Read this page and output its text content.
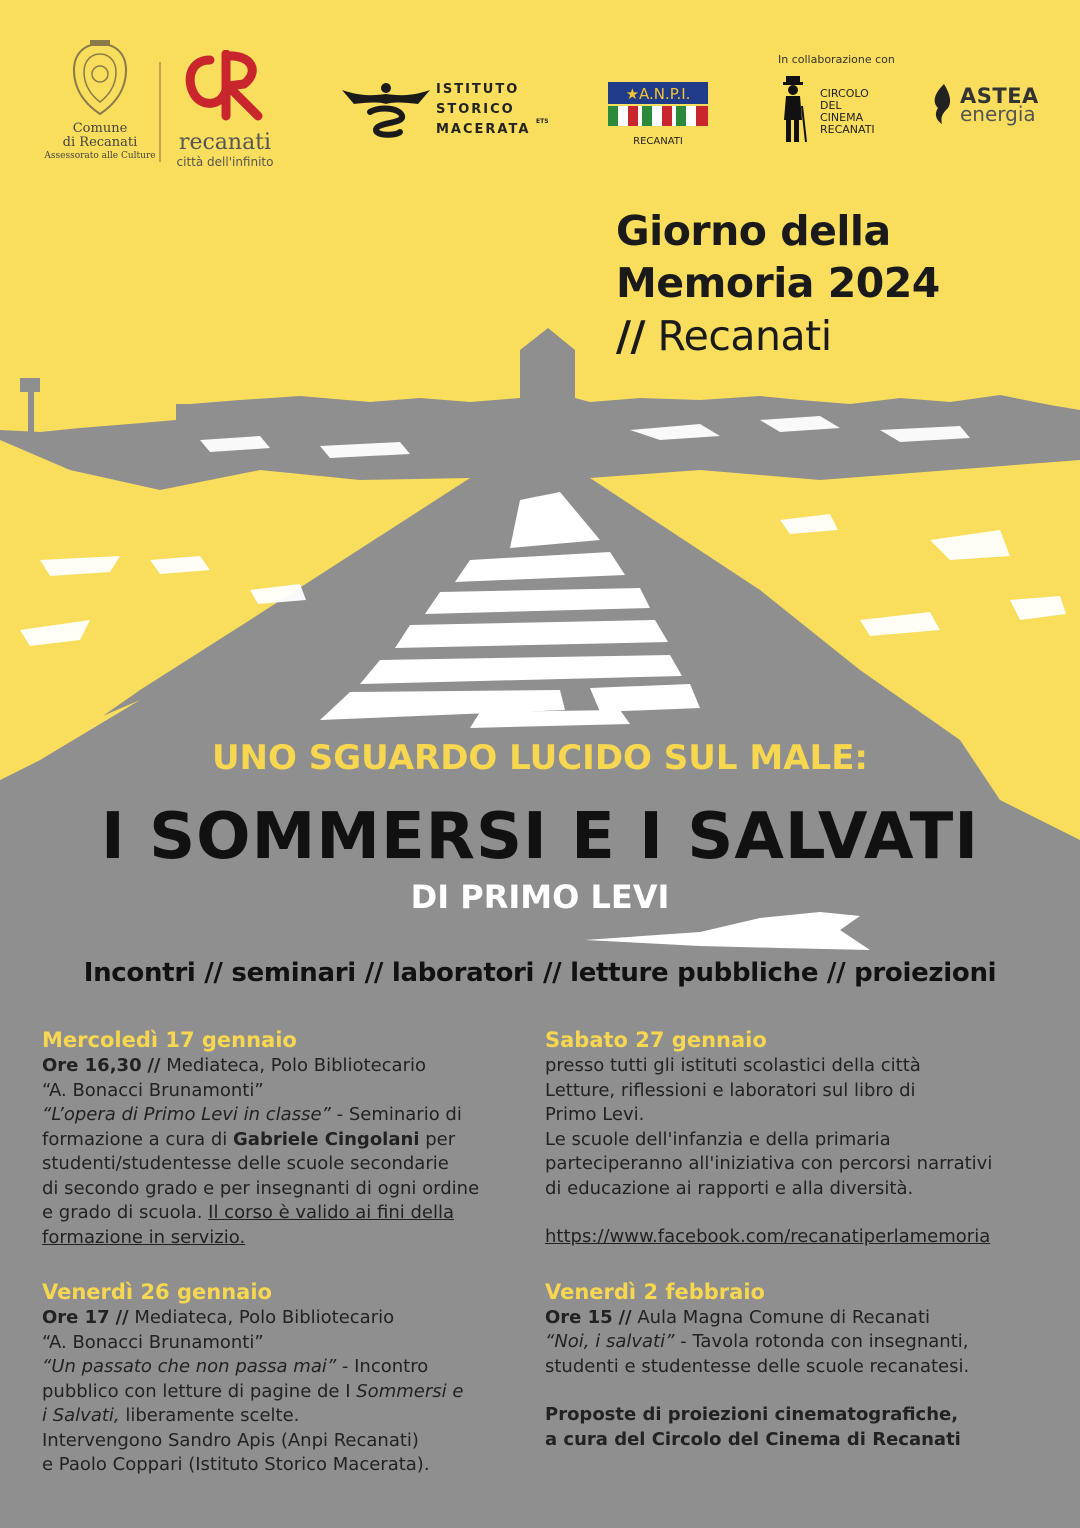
Comune
di Recanati
Assessorato alle Culture
recanati
città dell'infinito
ISTITUTO
STORICO
MACERATA
ETS
★A.N.P.I.
RECANATI
In collaborazione con
CIRCOLO
DEL
CINEMA
RECANATI
ASTEA
energia
Giorno della
Memoria 2024
// Recanati
UNO SGUARDO LUCIDO SUL MALE:
I SOMMERSI E I SALVATI
DI PRIMO LEVI
Incontri // seminari // laboratori // letture pubbliche // proiezioni
Mercoledì 17 gennaio
Ore 16,30 // Mediateca, Polo Bibliotecario
“A. Bonacci Brunamonti”
“L’opera di Primo Levi in classe” - Seminario di
formazione a cura di Gabriele Cingolani per
studenti/studentesse delle scuole secondarie
di secondo grado e per insegnanti di ogni ordine
e grado di scuola. Il corso è valido ai fini della
formazione in servizio.
Venerdì 26 gennaio
Ore 17 // Mediateca, Polo Bibliotecario
“A. Bonacci Brunamonti”
“Un passato che non passa mai” - Incontro
pubblico con letture di pagine de I Sommersi e
i Salvati, liberamente scelte.
Intervengono Sandro Apis (Anpi Recanati)
e Paolo Coppari (Istituto Storico Macerata).
Sabato 27 gennaio
presso tutti gli istituti scolastici della città
Letture, riflessioni e laboratori sul libro di
Primo Levi.
Le scuole dell'infanzia e della primaria
parteciperanno all'iniziativa con percorsi narrativi
di educazione ai rapporti e alla diversità.
https://www.facebook.com/recanatiperlamemoria
Venerdì 2 febbraio
Ore 15 // Aula Magna Comune di Recanati
“Noi, i salvati” - Tavola rotonda con insegnanti,
studenti e studentesse delle scuole recanatesi.
Proposte di proiezioni cinematografiche,
a cura del Circolo del Cinema di Recanati
